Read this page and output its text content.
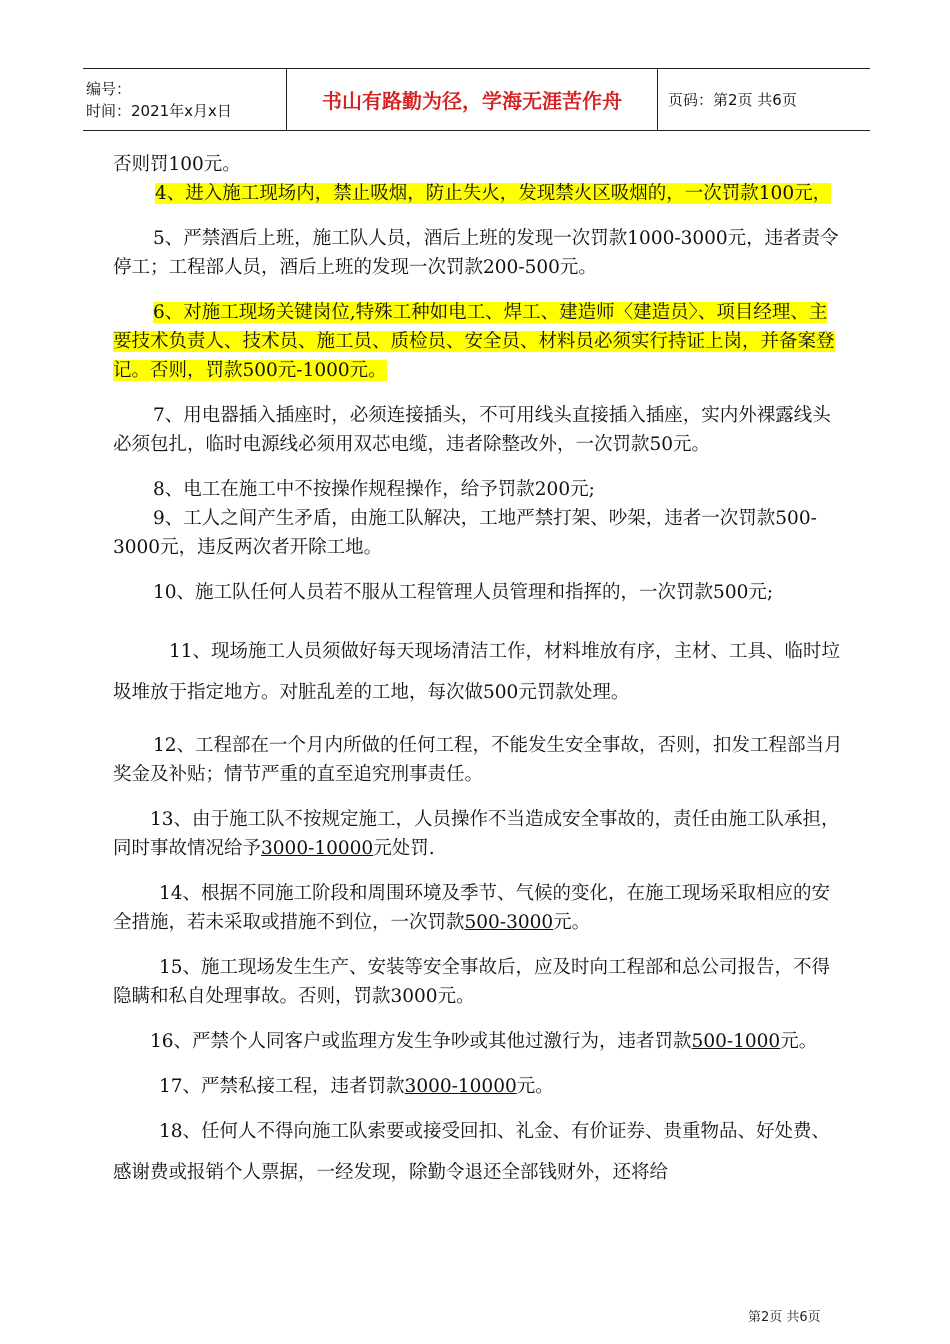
编号：
时间：2021年x月x日	书山有路勤为径，学海无涯苦作舟	页码：第2页 共6页

否则罚100元。

4、进入施工现场内，禁止吸烟，防止失火，发现禁火区吸烟的，一次罚款100元，

5、严禁酒后上班，施工队人员，酒后上班的发现一次罚款1000-3000元，违者责令停工；工程部人员，酒后上班的发现一次罚款200-500元。

6、对施工现场关键岗位,特殊工种如电工、焊工、建造师〈建造员〉、项目经理、主要技术负责人、技术员、施工员、质检员、安全员、材料员必须实行持证上岗，并备案登记。否则，罚款500元-1000元。

7、用电器插入插座时，必须连接插头，不可用线头直接插入插座，实内外裸露线头必须包扎，临时电源线必须用双芯电缆，违者除整改外，一次罚款50元。

8、电工在施工中不按操作规程操作，给予罚款200元;

9、工人之间产生矛盾，由施工队解决，工地严禁打架、吵架，违者一次罚款500-3000元，违反两次者开除工地。

10、施工队任何人员若不服从工程管理人员管理和指挥的，一次罚款500元;

11、现场施工人员须做好每天现场清洁工作，材料堆放有序，主材、工具、临时垃圾堆放于指定地方。对脏乱差的工地，每次做500元罚款处理。

12、工程部在一个月内所做的任何工程，不能发生安全事故，否则，扣发工程部当月奖金及补贴；情节严重的直至追究刑事责任。

13、由于施工队不按规定施工，人员操作不当造成安全事故的，责任由施工队承担，同时事故情况给予3000-10000元处罚.

14、根据不同施工阶段和周围环境及季节、气候的变化，在施工现场采取相应的安全措施，若未采取或措施不到位，一次罚款500-3000元。

15、施工现场发生生产、安装等安全事故后，应及时向工程部和总公司报告，不得隐瞒和私自处理事故。否则，罚款3000元。

16、严禁个人同客户或监理方发生争吵或其他过激行为，违者罚款500-1000元。

17、严禁私接工程，违者罚款3000-10000元。

18、任何人不得向施工队索要或接受回扣、礼金、有价证券、贵重物品、好处费、感谢费或报销个人票据，一经发现，除勤令退还全部钱财外，还将给

第2页 共6页
